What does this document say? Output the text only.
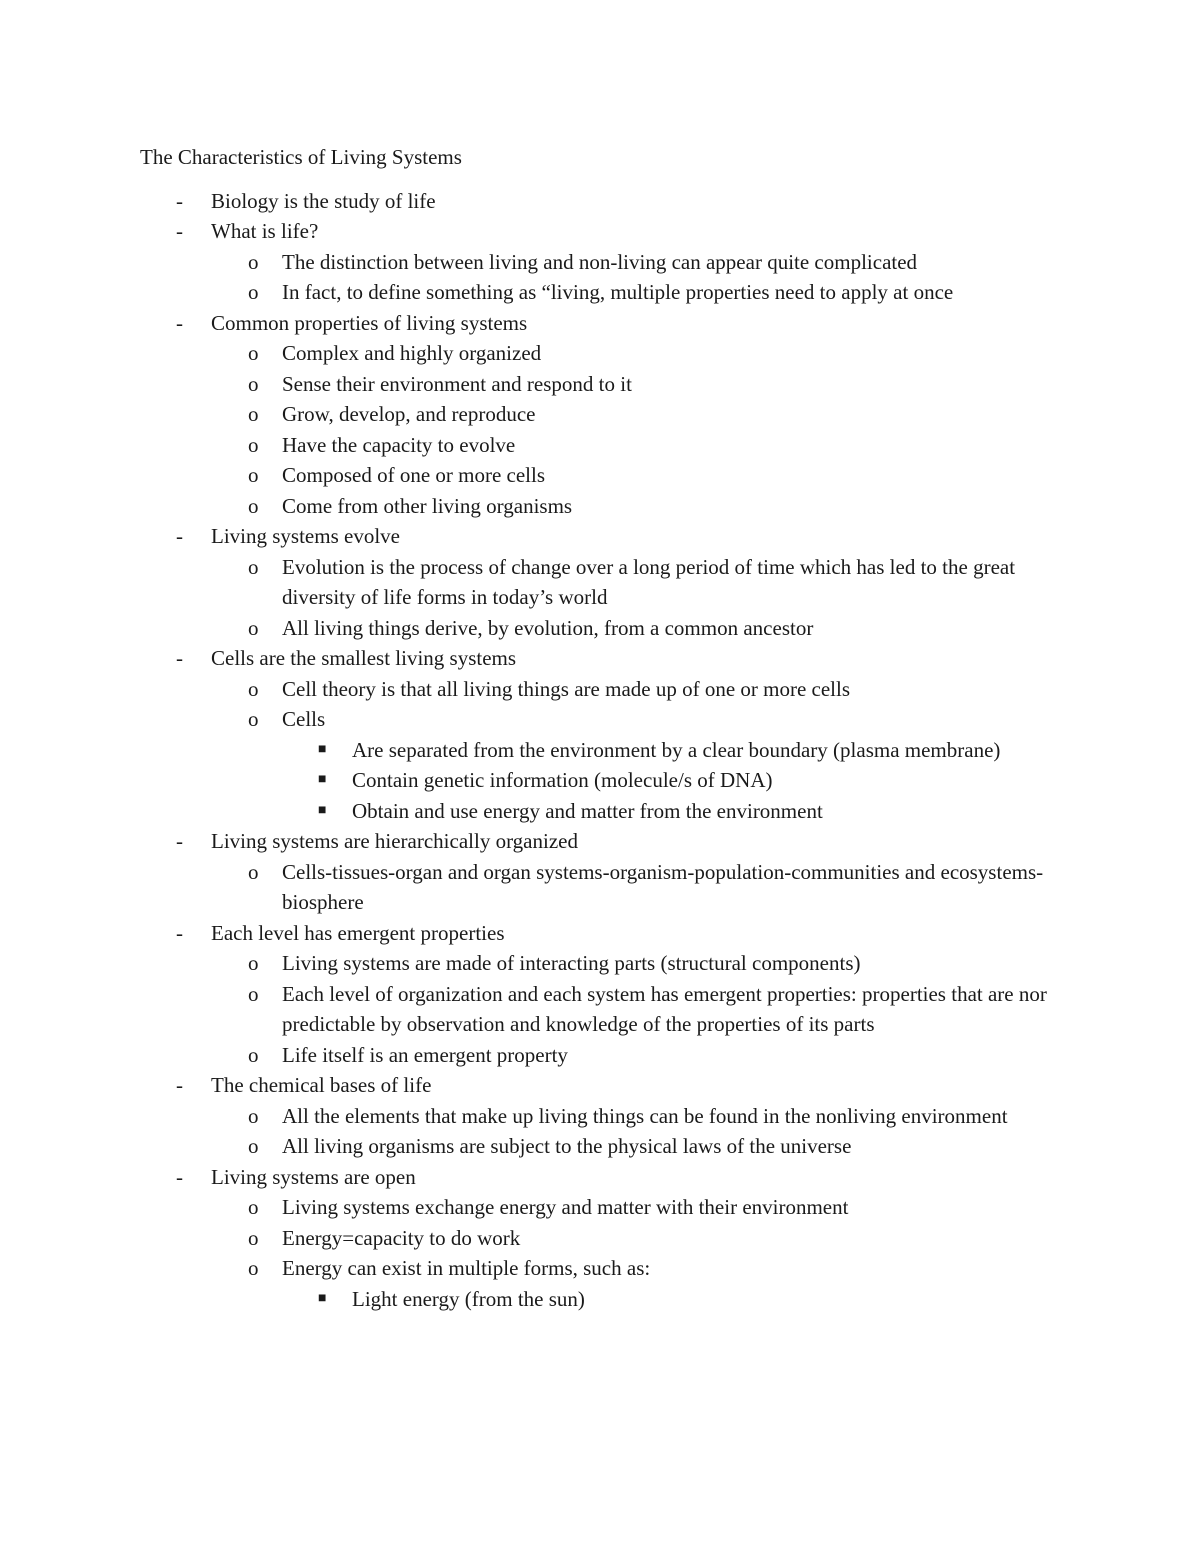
The Characteristics of Living Systems
- Biology is the study of life
- What is life?
o The distinction between living and non-living can appear quite complicated
o In fact, to define something as “living, multiple properties need to apply at once
- Common properties of living systems
o Complex and highly organized
o Sense their environment and respond to it
o Grow, develop, and reproduce
o Have the capacity to evolve
o Composed of one or more cells
o Come from other living organisms
- Living systems evolve
o Evolution is the process of change over a long period of time which has led to the great diversity of life forms in today’s world
o All living things derive, by evolution, from a common ancestor
- Cells are the smallest living systems
o Cell theory is that all living things are made up of one or more cells
o Cells
■ Are separated from the environment by a clear boundary (plasma membrane)
■ Contain genetic information (molecule/s of DNA)
■ Obtain and use energy and matter from the environment
- Living systems are hierarchically organized
o Cells-tissues-organ and organ systems-organism-population-communities and ecosystems-biosphere
- Each level has emergent properties
o Living systems are made of interacting parts (structural components)
o Each level of organization and each system has emergent properties: properties that are nor predictable by observation and knowledge of the properties of its parts
o Life itself is an emergent property
- The chemical bases of life
o All the elements that make up living things can be found in the nonliving environment
o All living organisms are subject to the physical laws of the universe
- Living systems are open
o Living systems exchange energy and matter with their environment
o Energy=capacity to do work
o Energy can exist in multiple forms, such as:
■ Light energy (from the sun)
